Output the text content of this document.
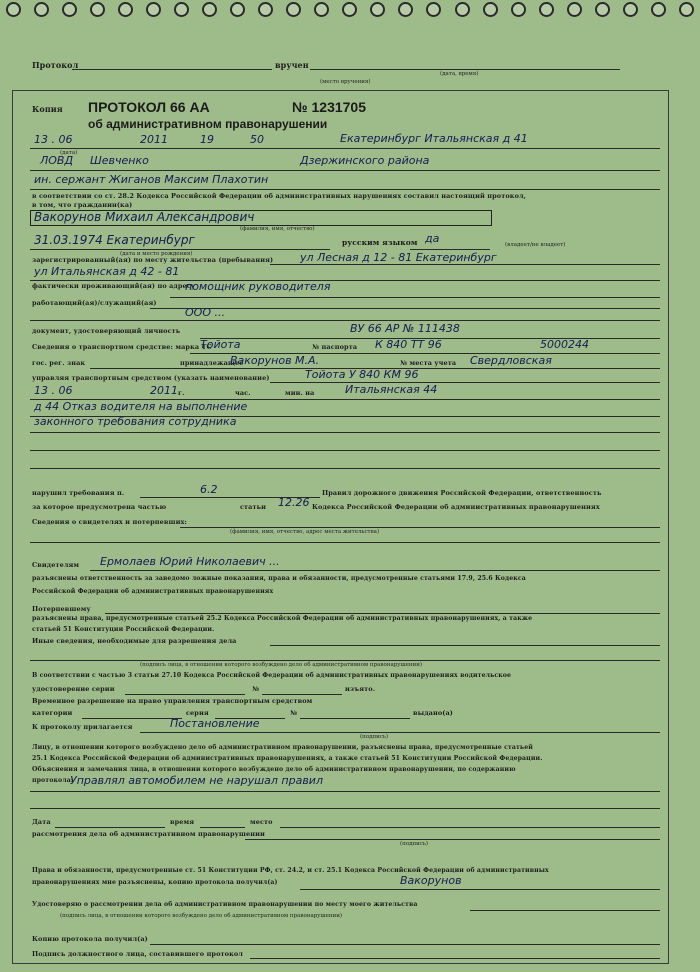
Протокол	вручен
(дата, время)
(место вручения)
Копия ПРОТОКОЛ 66 АА	№ 1231705
об административном правонарушении
13 . 06	2011	19	50	Екатеринбург Итальянская д 41
(дата)
ЛОВД Шевченко	Дзержинского района
ин. сержант Жиганов Максим Плахотин
в соответствии со ст. 28.2 Кодекса Российской Федерации об административных нарушениях составил настоящий протокол,
в том, что гражданин(ка)
Вакорунов Михаил Александрович
(фамилия, имя, отчество)
31.03.1974 Екатеринбург
(дата и место рождения)
русским языком да	(владеет/не владеет)
зарегистрированный(ая) по месту жительства (пребывания) ул Лесная д 12 - 81 Екатеринбург
ул Итальянская д 42 - 81
фактически проживающий(ая) по адресу
помощник руководителя
работающий(ая)/служащий(ая)
ООО ...
документ, удостоверяющий личность	ВУ 66 АР № 111438
Сведения о транспортном средстве: марка ТС
Тойота	№ паспорта К 840 ТТ 96	5000244
гос. рег. знак	принадлежащее
Вакорунов М.А.	№ места учета Свердловская
управляя транспортным средством (указать наименование)	Тойота У 840 КМ 96
13 . 06	2011 г.	час.	мин. на	Итальянская 44
д 44 Отказ водителя на выполнение
законного требования сотрудника
нарушил требования п.	6.2	Правил дорожного движения Российской Федерации, ответственность
за которое предусмотрена частью	статьи 12.26 Кодекса Российской Федерации об административных правонарушениях
Сведения о свидетелях и потерпевших:
(фамилия, имя, отчество, адрес места жительства)
Свидетелям Ермолаев Юрий Николаевич ...
разъяснены ответственность за заведомо ложные показания, права и обязанности, предусмотренные статьями 17.9, 25.6 Кодекса
Российской Федерации об административных правонарушениях
Потерпевшему
разъяснены права, предусмотренные статьей 25.2 Кодекса Российской Федерации об административных правонарушениях, а также
статьей 51 Конституции Российской Федерации.
Иные сведения, необходимые для разрешения дела
(подпись лица, в отношении которого возбуждено дело об административном правонарушении)
В соответствии с частью 3 статьи 27.10 Кодекса Российской Федерации об административных правонарушениях водительское
удостоверение серии	№	изъято.
Временное разрешение на право управления транспортным средством
категории	серия	№	выдано(а)
К протоколу прилагается	Постановление
(подпись)
Лицу, в отношении которого возбуждено дело об административном правонарушении, разъяснены права, предусмотренные статьей
25.1 Кодекса Российской Федерации об административных правонарушениях, а также статьей 51 Конституции Российской Федерации.
Объяснения и замечания лица, в отношении которого возбуждено дело об административном правонарушении, по содержанию
протокола:
Управлял автомобилем не нарушал правил
Дата	время	место
рассмотрения дела об административном правонарушении
(подпись)
Права и обязанности, предусмотренные ст. 51 Конституции РФ, ст. 24.2, и ст. 25.1 Кодекса Российской Федерации об административных
правонарушениях мне разъяснены, копию протокола получил(а)	Вакорунов
Удостоверяю о рассмотрении дела об административном правонарушении по месту моего жительства
(подпись лица, в отношении которого возбуждено дело об административном правонарушении)
Копию протокола получил(а)
Подпись должностного лица, составившего протокол
